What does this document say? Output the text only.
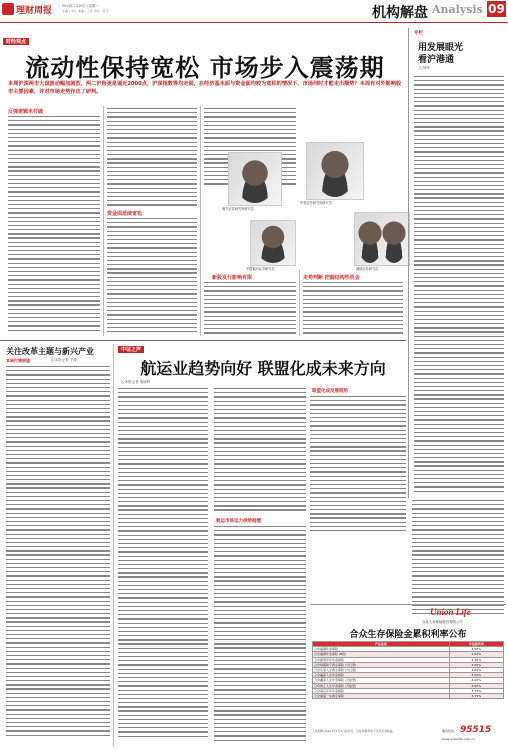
理财周报	2014年1月20日 / 星期一
主编 / 李元 美编 / 王剑 校对 / 肖平	机构解盘 Analysis 09
财经观点
流动性保持宽松 市场步入震荡期
本周沪深两市大盘波动幅加剧烈，两二沪指更是逼近2000点，沪深指数等均走弱，在经济基本面与资金面均较为宽松的情况下，市场何时才能走出颓势？本周有对外影响股市主要因素，并对市场走势作出了研判。
反弹逻辑未打破
资金面延续宽松
南方证券研究所研究员
华泰证券研究所研究员
中国银河证券研究员	湘财证券研究员
新股发行影响有限	走势判断 把握结构性机会
专栏
用发展眼光
看沪港通
文/刘军
关注改革主题与新兴产业
本周行情展望	文/本报记者 王涛
中证之声
航运业趋势向好 联盟化成未来方向
文/本报记者 胡晓辉
航运市场运力供给趋缓
联盟化成发展趋势
Union Life
合众人寿保险股份有限公司
合众生存保险金累积利率公布
产品名称	年结算利率
合众福满年金保险	4.50%
合众福满年金保险 (B款)	4.50%
合众富贵年年年金保险	4.25%
合众财富骄子两全保险 (分红型)	4.00%
合众乐享人生两全保险 (分红型)	4.00%
合众福泽人生年金保险	4.00%
合众鑫享人生年金保险 (万能型)	4.00%
合众智汇人生年金保险 (万能型)	4.00%
合众鸿运年年年金保险	3.75%
合众康盛一生两全保险	3.75%
上述利率自2014年1月1日起执行，过往结算利率不代表未来收益。	服务热线 95515
www.unionlife.com.cn
